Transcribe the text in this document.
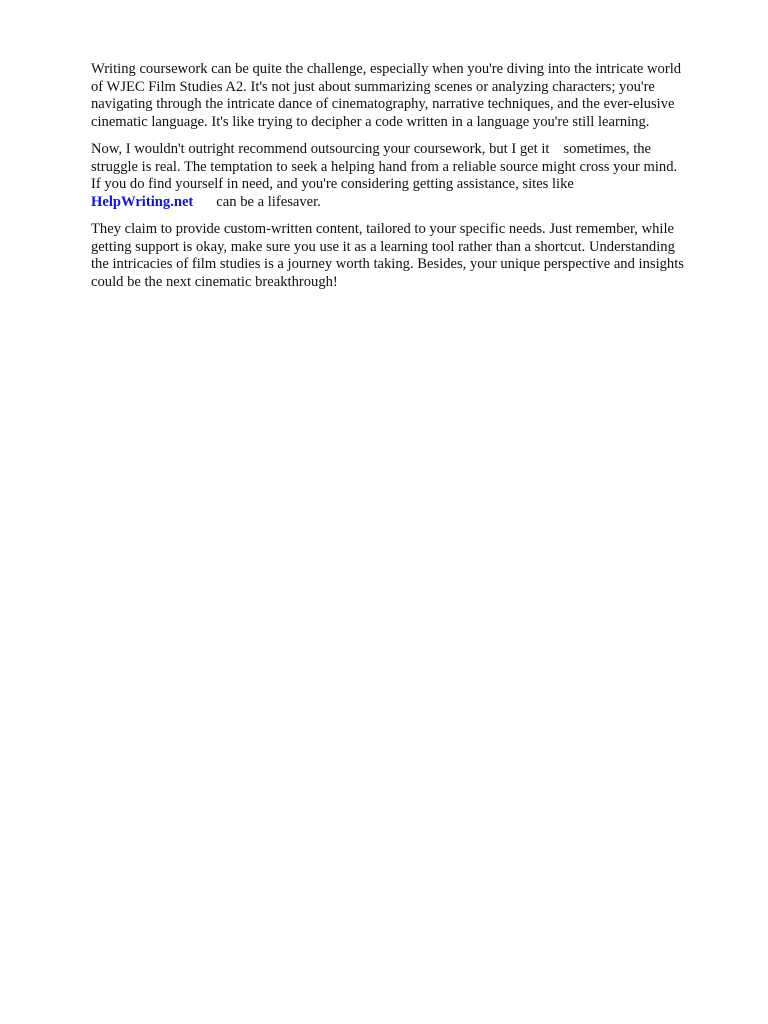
Writing coursework can be quite the challenge, especially when you're diving into the intricate world
of WJEC Film Studies A2. It's not just about summarizing scenes or analyzing characters; you're
navigating through the intricate dance of cinematography, narrative techniques, and the ever-elusive
cinematic language. It's like trying to decipher a code written in a language you're still learning.

Now, I wouldn't outright recommend outsourcing your coursework, but I get it sometimes, the
struggle is real. The temptation to seek a helping hand from a reliable source might cross your mind.
If you do find yourself in need, and you're considering getting assistance, sites like
HelpWriting.net can be a lifesaver.

They claim to provide custom-written content, tailored to your specific needs. Just remember, while
getting support is okay, make sure you use it as a learning tool rather than a shortcut. Understanding
the intricacies of film studies is a journey worth taking. Besides, your unique perspective and insights
could be the next cinematic breakthrough!
